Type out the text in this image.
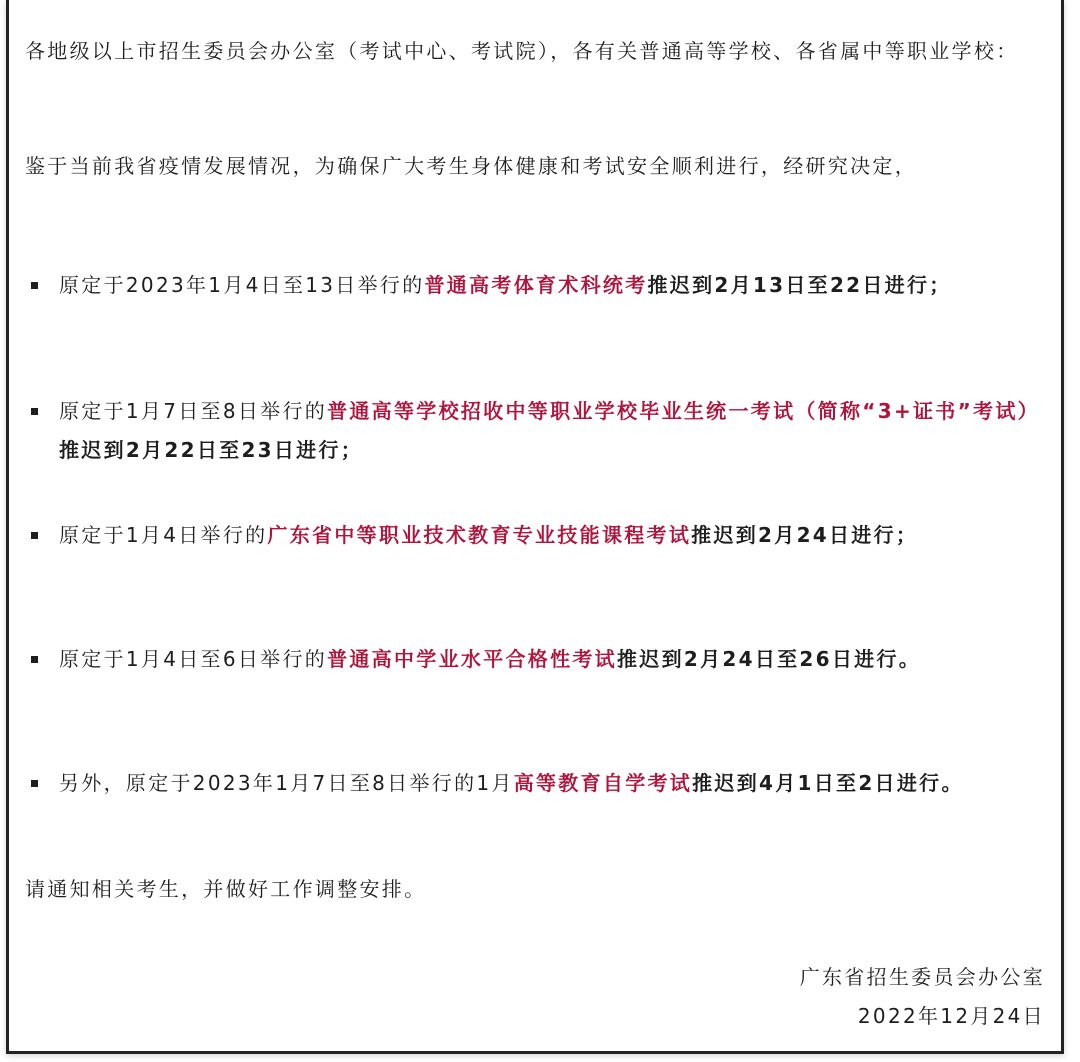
各地级以上市招生委员会办公室（考试中心、考试院），各有关普通高等学校、各省属中等职业学校：

鉴于当前我省疫情发展情况，为确保广大考生身体健康和考试安全顺利进行，经研究决定，

原定于2023年1月4日至13日举行的普通高考体育术科统考推迟到2月13日至22日进行；
原定于1月7日至8日举行的普通高等学校招收中等职业学校毕业生统一考试（简称“3+证书”考试）推迟到2月22日至23日进行；
原定于1月4日举行的广东省中等职业技术教育专业技能课程考试推迟到2月24日进行；
原定于1月4日至6日举行的普通高中学业水平合格性考试推迟到2月24日至26日进行。
另外，原定于2023年1月7日至8日举行的1月高等教育自学考试推迟到4月1日至2日进行。

请通知相关考生，并做好工作调整安排。

广东省招生委员会办公室
2022年12月24日
